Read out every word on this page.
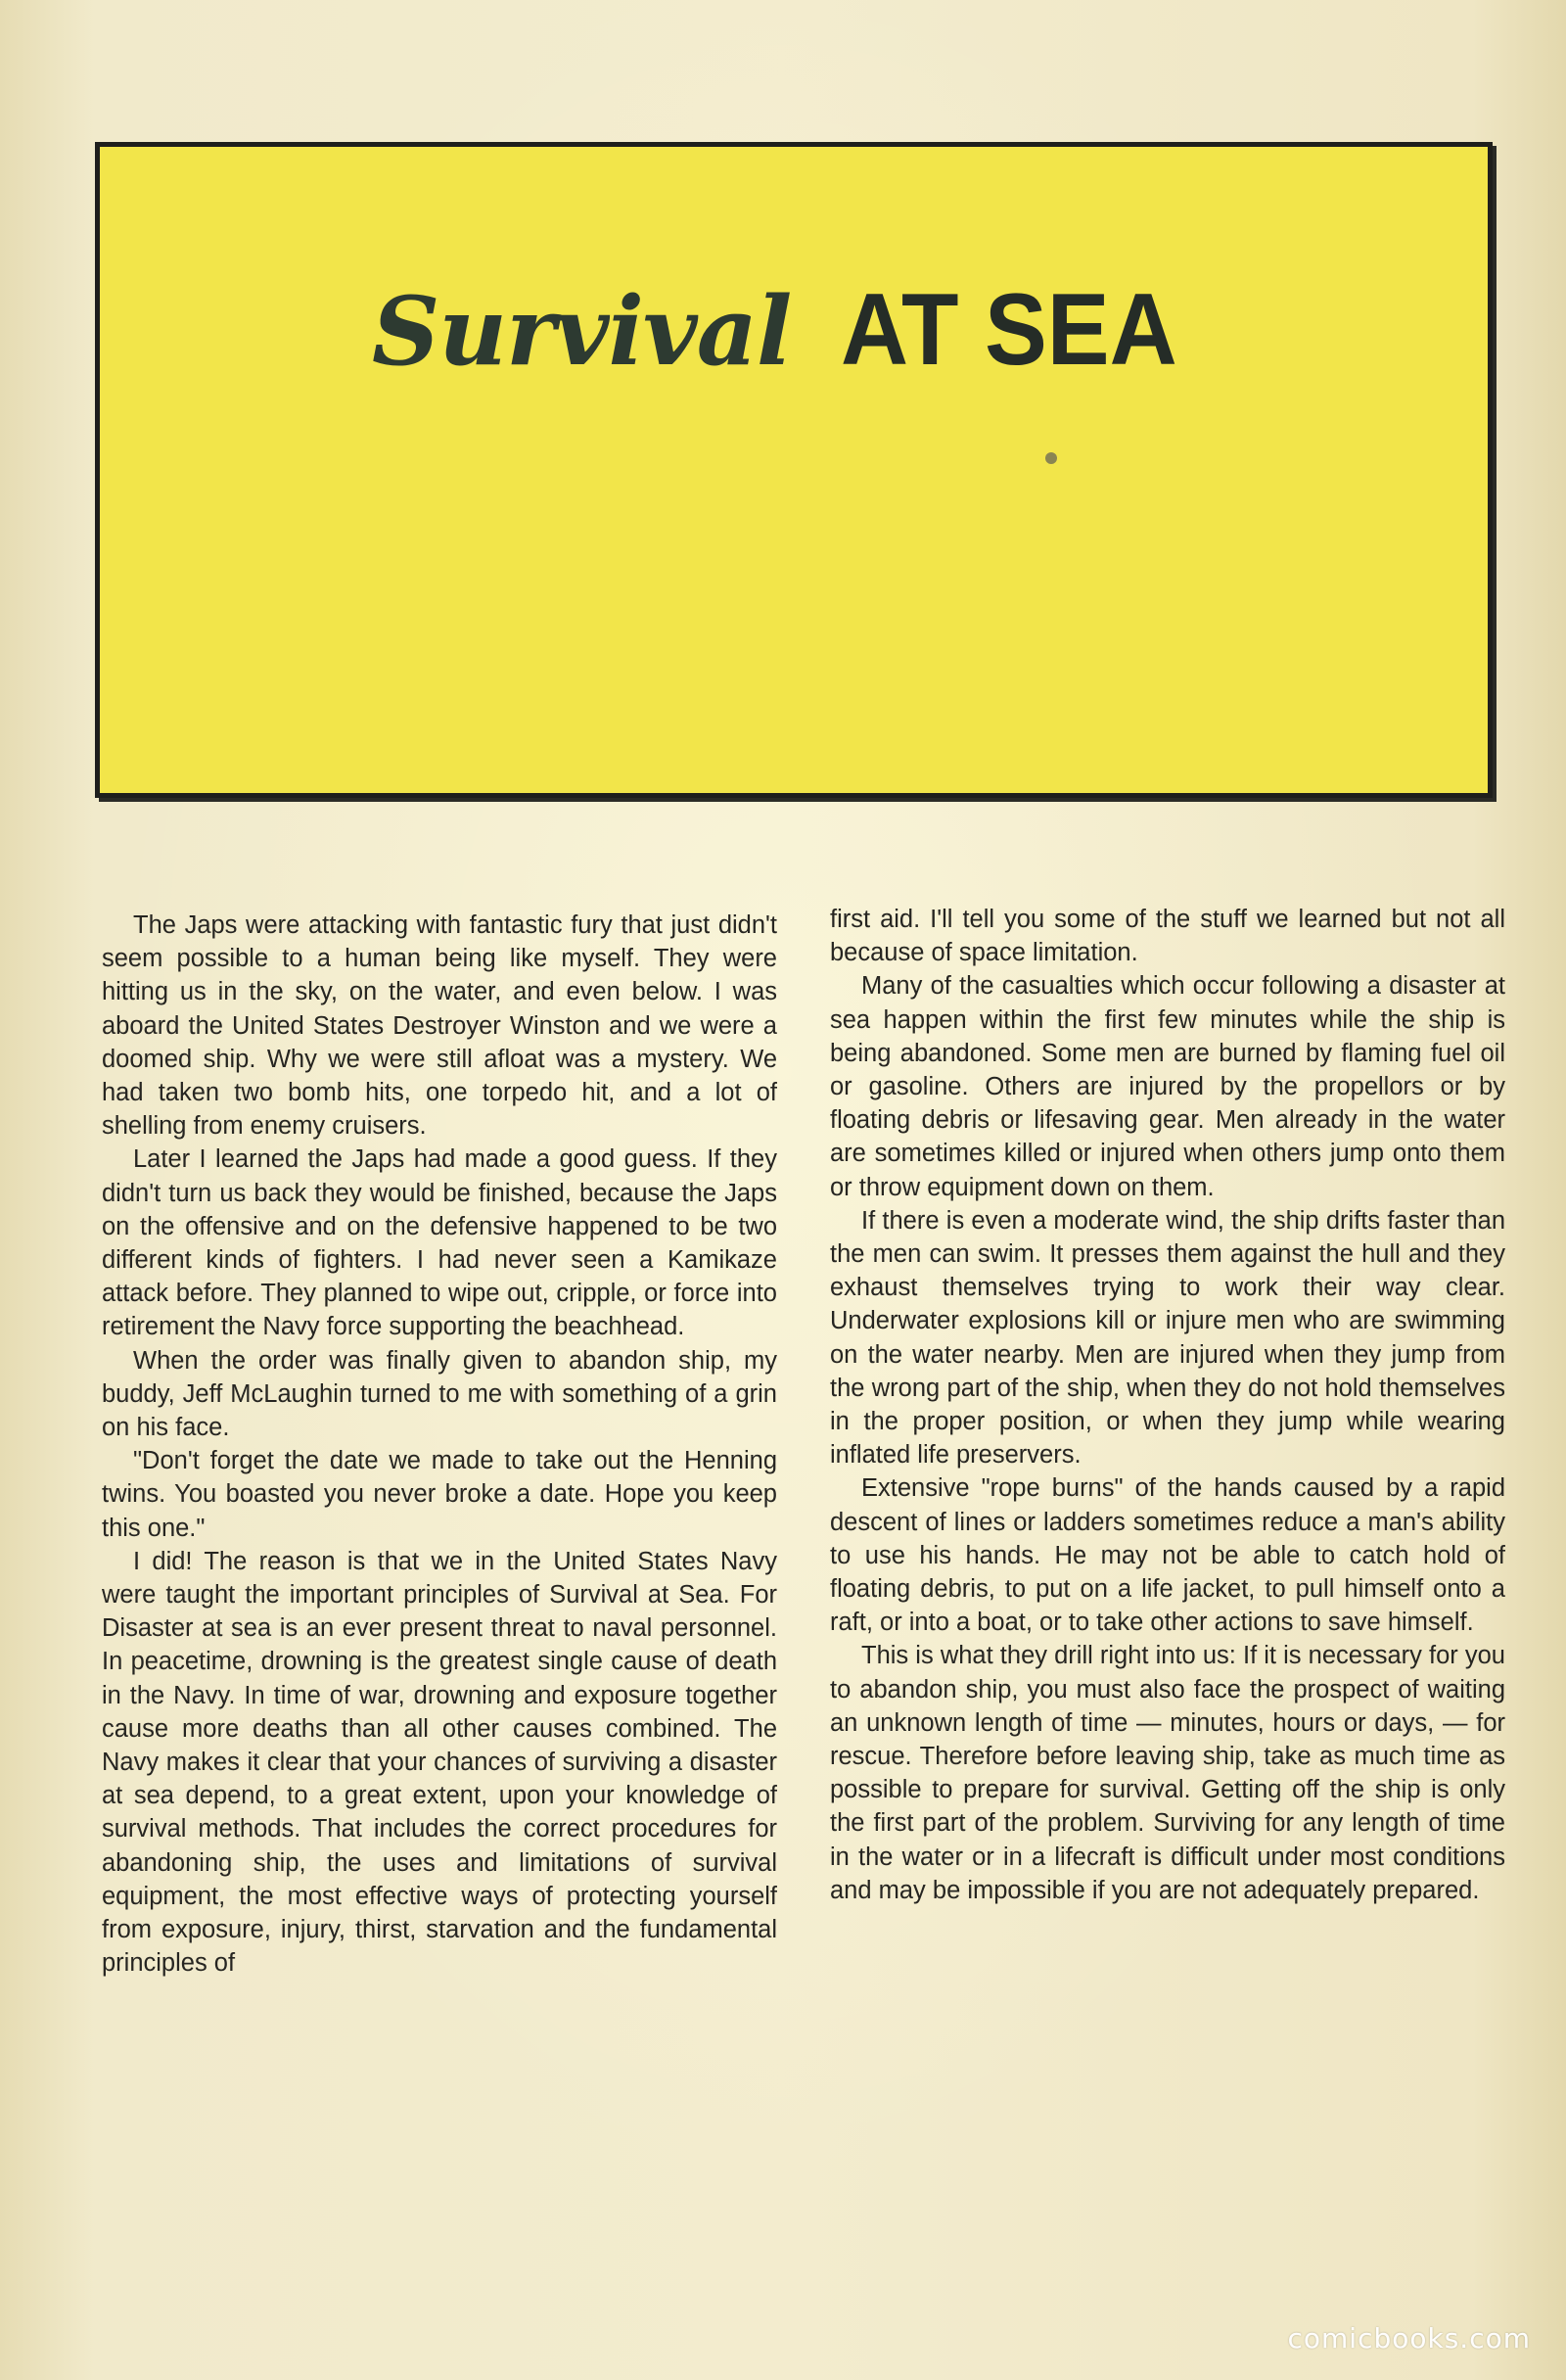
Survival AT SEA

The Japs were attacking with fantastic fury that just didn't seem possible to a human being like myself. They were hitting us in the sky, on the water, and even below. I was aboard the United States Destroyer Winston and we were a doomed ship. Why we were still afloat was a mystery. We had taken two bomb hits, one torpedo hit, and a lot of shelling from enemy cruisers.

Later I learned the Japs had made a good guess. If they didn't turn us back they would be finished, because the Japs on the offensive and on the defensive happened to be two different kinds of fighters. I had never seen a Kamikaze attack before. They planned to wipe out, cripple, or force into retirement the Navy force supporting the beachhead.

When the order was finally given to abandon ship, my buddy, Jeff McLaughin turned to me with something of a grin on his face.

"Don't forget the date we made to take out the Henning twins. You boasted you never broke a date. Hope you keep this one."

I did! The reason is that we in the United States Navy were taught the important principles of Survival at Sea. For Disaster at sea is an ever present threat to naval personnel. In peacetime, drowning is the greatest single cause of death in the Navy. In time of war, drowning and exposure together cause more deaths than all other causes combined. The Navy makes it clear that your chances of surviving a disaster at sea depend, to a great extent, upon your knowledge of survival methods. That includes the correct procedures for abandoning ship, the uses and limitations of survival equipment, the most effective ways of protecting yourself from exposure, injury, thirst, starvation and the fundamental principles of

first aid. I'll tell you some of the stuff we learned but not all because of space limitation.

Many of the casualties which occur following a disaster at sea happen within the first few minutes while the ship is being abandoned. Some men are burned by flaming fuel oil or gasoline. Others are injured by the propellors or by floating debris or lifesaving gear. Men already in the water are sometimes killed or injured when others jump onto them or throw equipment down on them.

If there is even a moderate wind, the ship drifts faster than the men can swim. It presses them against the hull and they exhaust themselves trying to work their way clear. Underwater explosions kill or injure men who are swimming on the water nearby. Men are injured when they jump from the wrong part of the ship, when they do not hold themselves in the proper position, or when they jump while wearing inflated life preservers.

Extensive "rope burns" of the hands caused by a rapid descent of lines or ladders sometimes reduce a man's ability to use his hands. He may not be able to catch hold of floating debris, to put on a life jacket, to pull himself onto a raft, or into a boat, or to take other actions to save himself.

This is what they drill right into us: If it is necessary for you to abandon ship, you must also face the prospect of waiting an unknown length of time — minutes, hours or days, — for rescue. Therefore before leaving ship, take as much time as possible to prepare for survival. Getting off the ship is only the first part of the problem. Surviving for any length of time in the water or in a lifecraft is difficult under most conditions and may be impossible if you are not adequately prepared.

comicbooks.com
